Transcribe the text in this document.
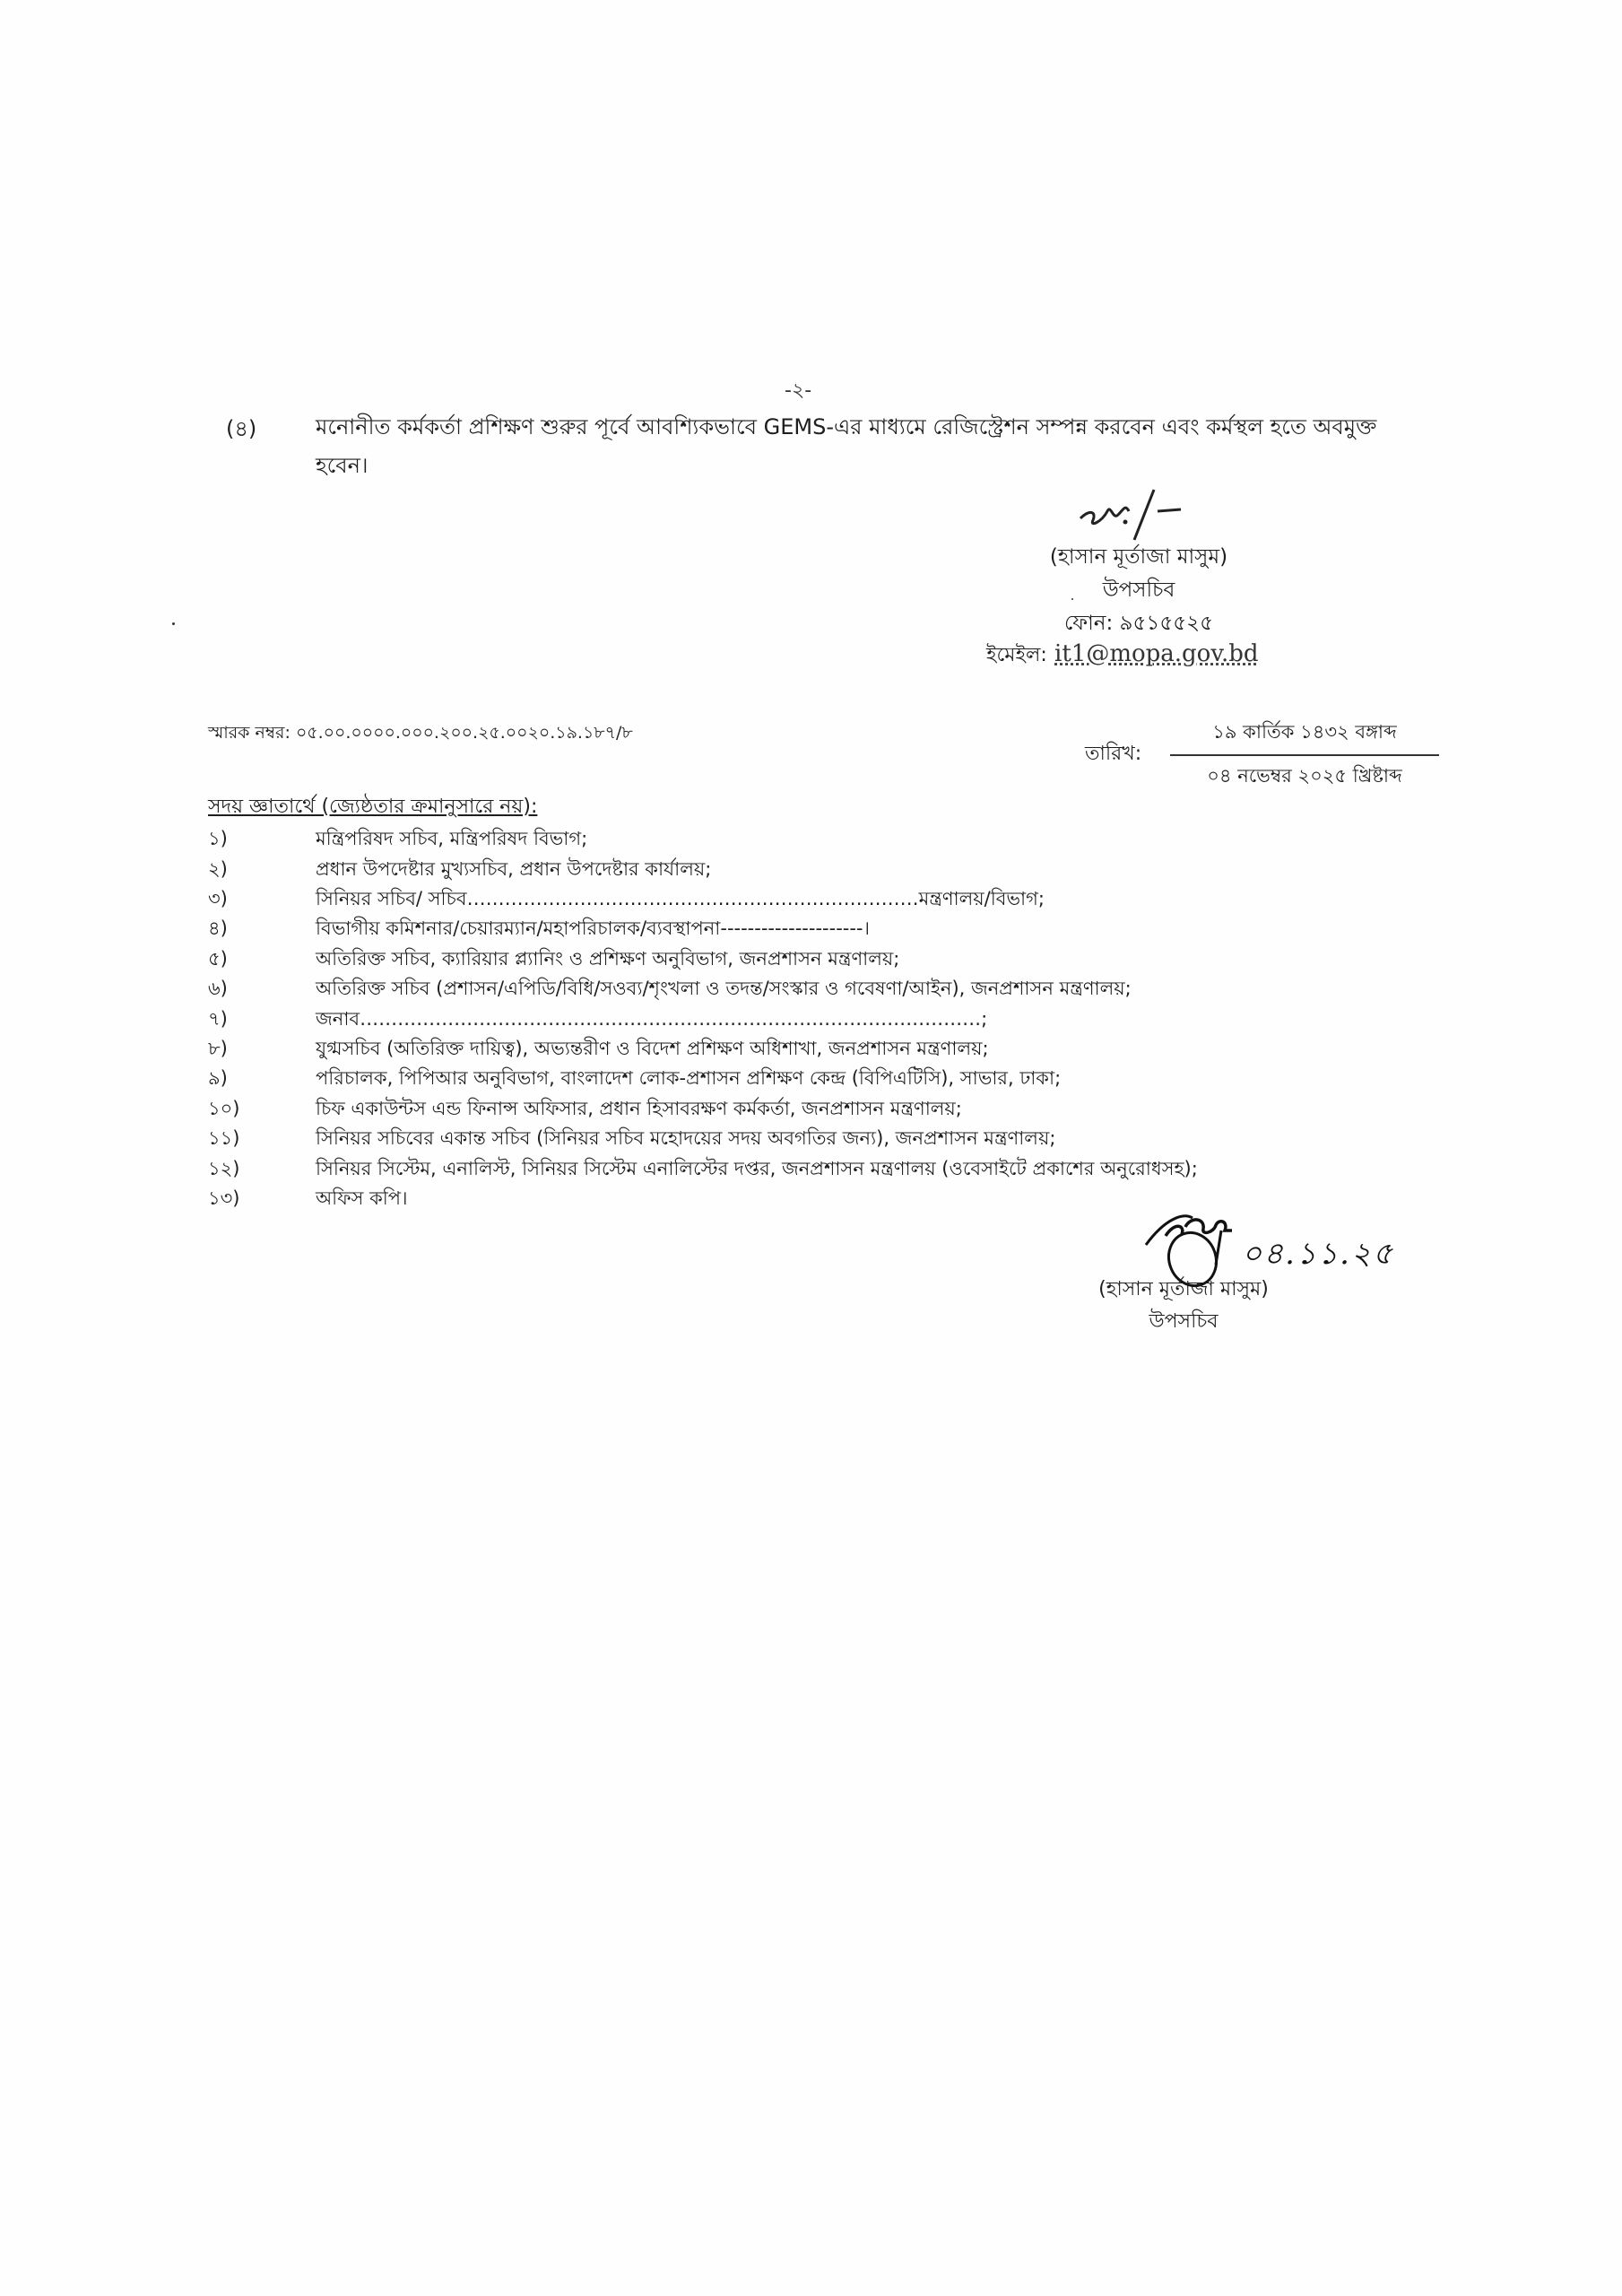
-২-
(৪)	মনোনীত কর্মকর্তা প্রশিক্ষণ শুরুর পূর্বে আবশ্যিকভাবে GEMS-এর মাধ্যমে রেজিস্ট্রেশন সম্পন্ন করবেন এবং কর্মস্থল হতে অবমুক্ত হবেন।
(হাসান মূর্তাজা মাসুম)
উপসচিব
ফোন: ৯৫১৫৫২৫
ইমেইল: it1@mopa.gov.bd
স্মারক নম্বর: ০৫.০০.০০০০.০০০.২০০.২৫.০০২০.১৯.১৮৭/৮
তারিখ:
১৯ কার্তিক ১৪৩২ বঙ্গাব্দ
০৪ নভেম্বর ২০২৫ খ্রিষ্টাব্দ
সদয় জ্ঞাতার্থে (জ্যেষ্ঠতার ক্রমানুসারে নয়):
১)	মন্ত্রিপরিষদ সচিব, মন্ত্রিপরিষদ বিভাগ;
২)	প্রধান উপদেষ্টার মুখ্যসচিব, প্রধান উপদেষ্টার কার্যালয়;
৩)	সিনিয়র সচিব/ সচিব………………………………………………………………মন্ত্রণালয়/বিভাগ;
৪)	বিভাগীয় কমিশনার/চেয়ারম্যান/মহাপরিচালক/ব্যবস্থাপনা---------------------।
৫)	অতিরিক্ত সচিব, ক্যারিয়ার প্ল্যানিং ও প্রশিক্ষণ অনুবিভাগ, জনপ্রশাসন মন্ত্রণালয়;
৬)	অতিরিক্ত সচিব (প্রশাসন/এপিডি/বিধি/সওব্য/শৃংখলা ও তদন্ত/সংস্কার ও গবেষণা/আইন), জনপ্রশাসন মন্ত্রণালয়;
৭)	জনাব………………………………………………………………………………………;
৮)	যুগ্মসচিব (অতিরিক্ত দায়িত্ব), অভ্যন্তরীণ ও বিদেশ প্রশিক্ষণ অধিশাখা, জনপ্রশাসন মন্ত্রণালয়;
৯)	পরিচালক, পিপিআর অনুবিভাগ, বাংলাদেশ লোক-প্রশাসন প্রশিক্ষণ কেন্দ্র (বিপিএটিসি), সাভার, ঢাকা;
১০)	চিফ একাউন্টস এন্ড ফিনান্স অফিসার, প্রধান হিসাবরক্ষণ কর্মকর্তা, জনপ্রশাসন মন্ত্রণালয়;
১১)	সিনিয়র সচিবের একান্ত সচিব (সিনিয়র সচিব মহোদয়ের সদয় অবগতির জন্য), জনপ্রশাসন মন্ত্রণালয়;
১২)	সিনিয়র সিস্টেম, এনালিস্ট, সিনিয়র সিস্টেম এনালিস্টের দপ্তর, জনপ্রশাসন মন্ত্রণালয় (ওবেসাইটে প্রকাশের অনুরোধসহ);
১৩)	অফিস কপি।
০৪.১১.২৫
(হাসান মূর্তাজা মাসুম)
উপসচিব
